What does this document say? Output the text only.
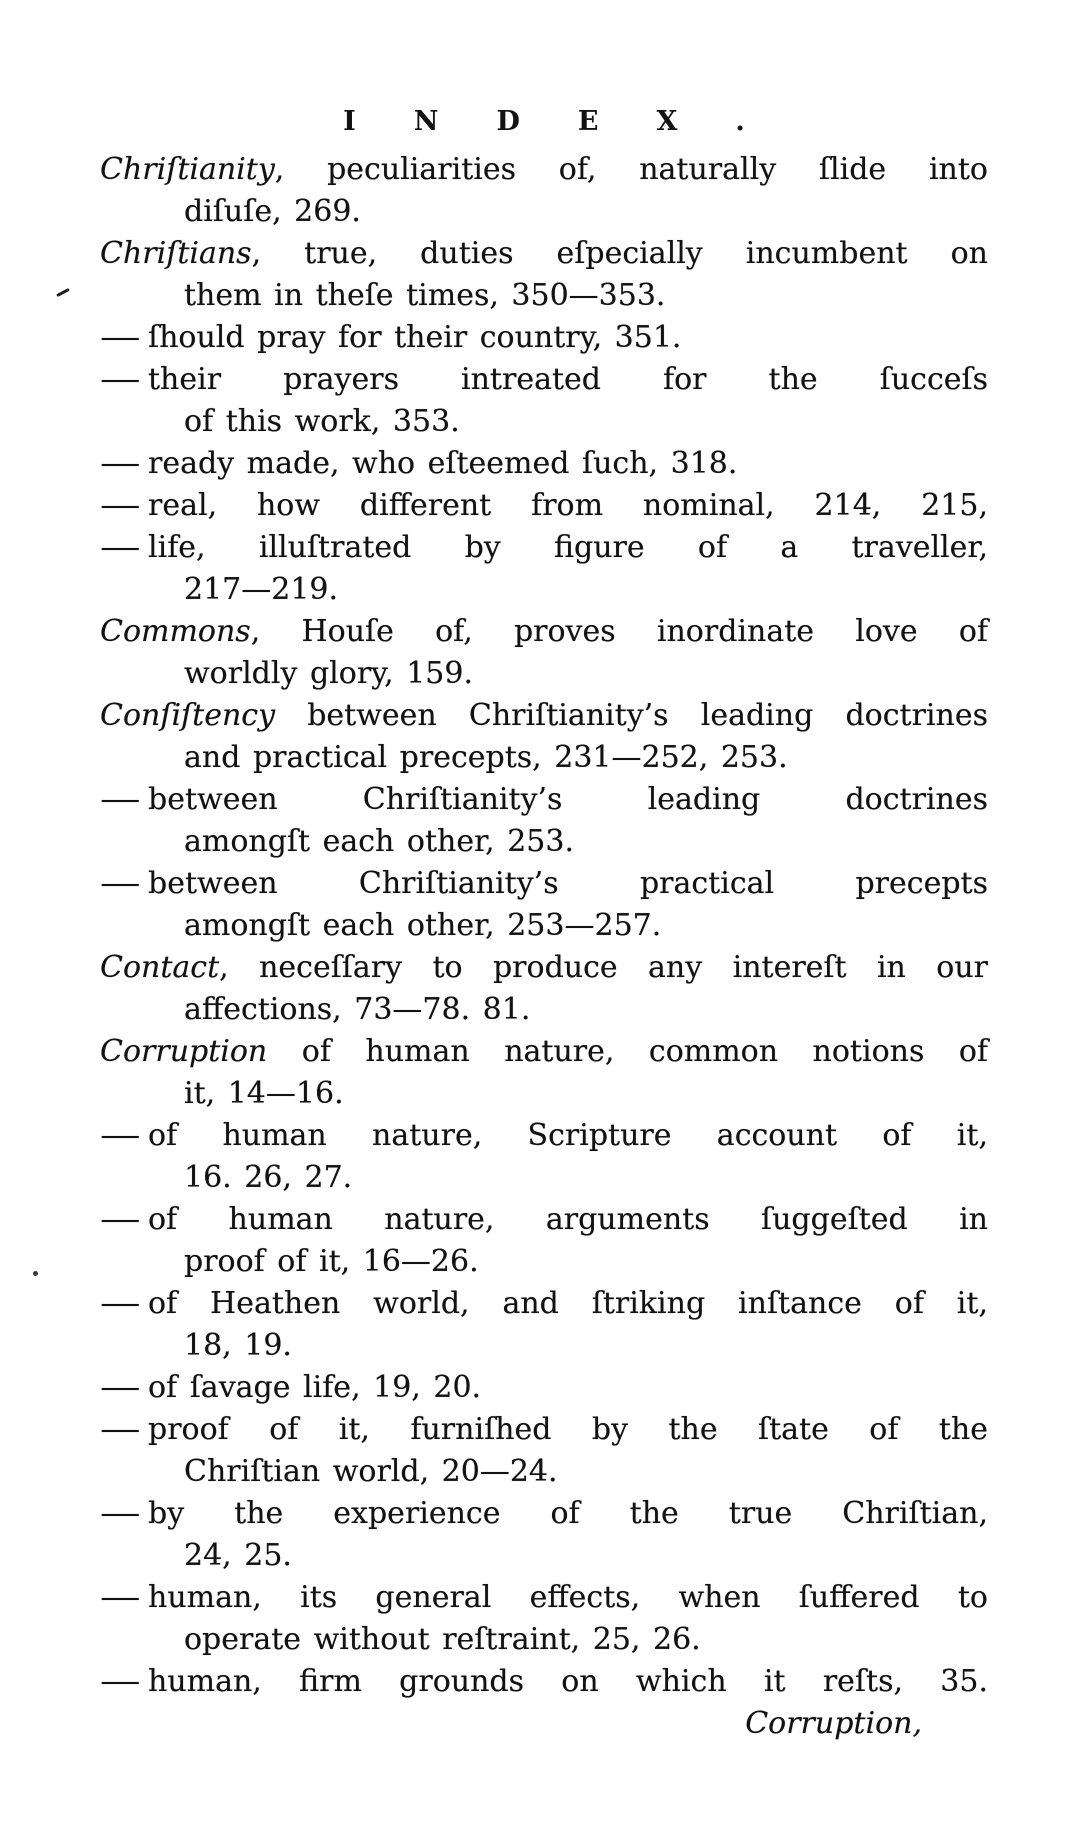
INDEX.
Chriſtianity, peculiarities of, naturally ſlide into
diſuſe, 269.
Chriſtians, true, duties eſpecially incumbent on
them in theſe times, 350—353.
— ſhould pray for their country, 351.
— their prayers intreated for the ſucceſs
of this work, 353.
— ready made, who eſteemed ſuch, 318.
— real, how different from nominal, 214, 215,
— life, illuſtrated by figure of a traveller,
217—219.
Commons, Houſe of, proves inordinate love of
worldly glory, 159.
Conſiſtency between Chriſtianity’s leading doctrines
and practical precepts, 231—252, 253.
— between Chriſtianity’s leading doctrines
amongſt each other, 253.
— between Chriſtianity’s practical precepts
amongſt each other, 253—257.
Contact, neceſſary to produce any intereſt in our
affections, 73—78. 81.
Corruption of human nature, common notions of
it, 14—16.
— of human nature, Scripture account of it,
16. 26, 27.
— of human nature, arguments ſuggeſted in
proof of it, 16—26.
— of Heathen world, and ſtriking inſtance of it,
18, 19.
— of ſavage life, 19, 20.
— proof of it, furniſhed by the ſtate of the
Chriſtian world, 20—24.
— by the experience of the true Chriſtian,
24, 25.
— human, its general effects, when ſuffered to
operate without reſtraint, 25, 26.
— human, firm grounds on which it reſts, 35.
Corruption,
